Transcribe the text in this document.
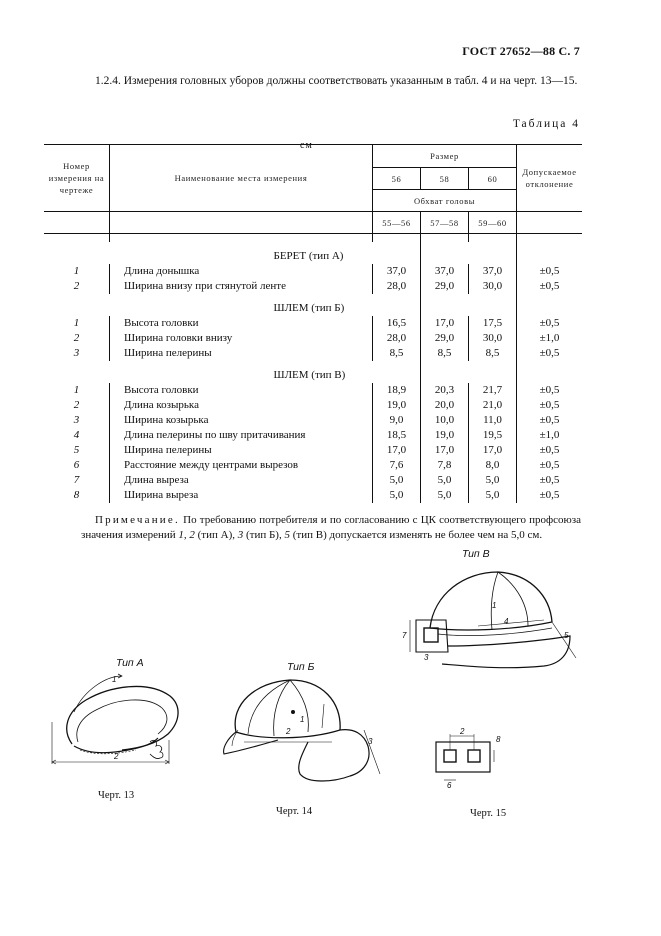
ГОСТ 27652—88 С. 7
1.2.4. Измерения головных уборов должны соответствовать указанным в табл. 4 и на черт. 13—15.
Таблица 4
см
Номер измерения на чертеже	Наименование места измерения	Размер			Допускаемое отклонение
		56	58	60	
		Обхват головы			
		55—56	57—58	59—60	

	БЕРЕТ (тип А)				
1	Длина донышка	37,0	37,0	37,0	±0,5
2	Ширина внизу при стянутой ленте	28,0	29,0	30,0	±0,5
	ШЛЕМ (тип Б)				
1	Высота головки	16,5	17,0	17,5	±0,5
2	Ширина головки внизу	28,0	29,0	30,0	±1,0
3	Ширина пелерины	8,5	8,5	8,5	±0,5
	ШЛЕМ (тип В)				
1	Высота головки	18,9	20,3	21,7	±0,5
2	Длина козырька	19,0	20,0	21,0	±0,5
3	Ширина козырька	9,0	10,0	11,0	±0,5
4	Длина пелерины по шву притачивания	18,5	19,0	19,5	±1,0
5	Ширина пелерины	17,0	17,0	17,0	±0,5
6	Расстояние между центрами вырезов	7,6	7,8	8,0	±0,5
7	Длина выреза	5,0	5,0	5,0	±0,5
8	Ширина выреза	5,0	5,0	5,0	±0,5
Примечание. По требованию потребителя и по согласованию с ЦК соответствующего профсоюза значения измерений 1, 2 (тип А), 3 (тип Б), 5 (тип В) допускается изменять не более чем на 5,0 см.
Тип А
2
1
Черт. 13
Тип Б
2
1
3
Черт. 14
Тип В
4
1
7
3
5
2
8
6
Черт. 15
